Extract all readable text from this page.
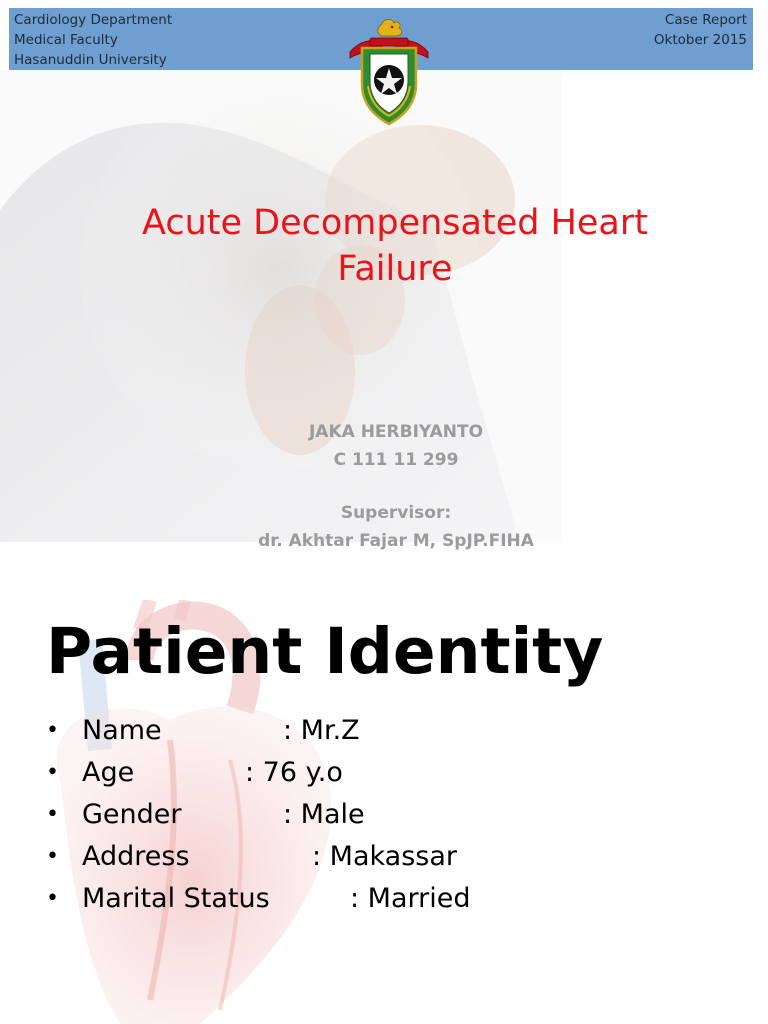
Cardiology Department
Medical Faculty
Hasanuddin University
Case Report
Oktober 2015
Acute Decompensated Heart
Failure
JAKA HERBIYANTO
C 111 11 299
Supervisor:
dr. Akhtar Fajar M, SpJP.FIHA
Patient Identity
• Name	: Mr.Z
• Age	: 76 y.o
• Gender	: Male
• Address	: Makassar
• Marital Status	: Married
